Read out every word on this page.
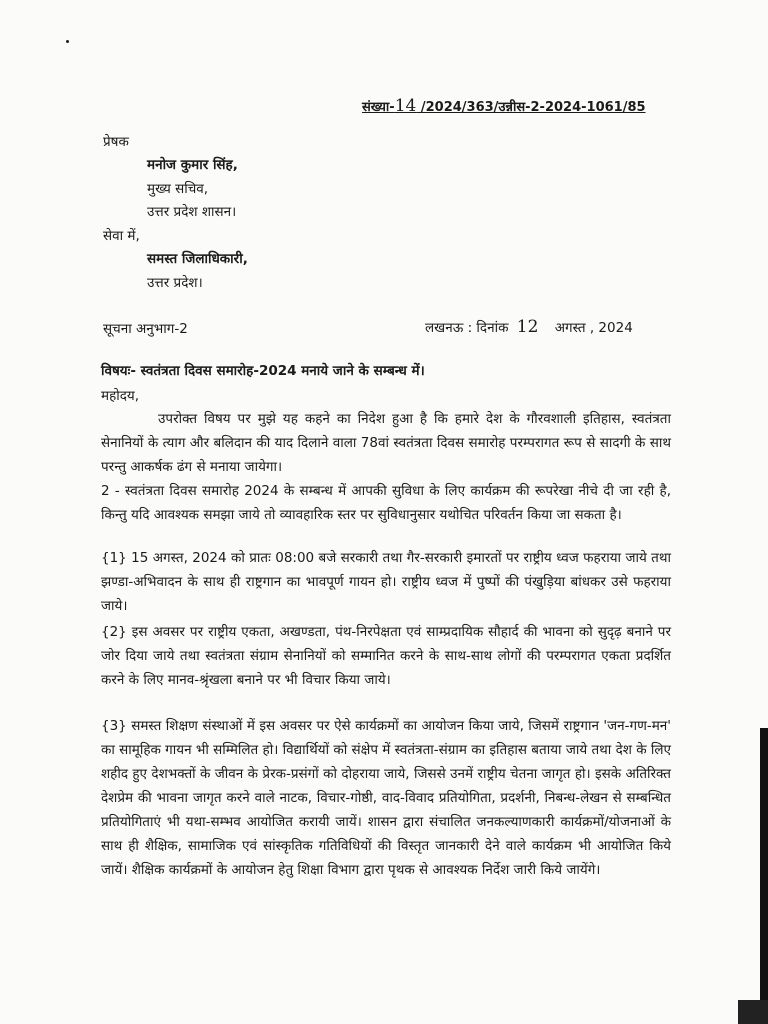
संख्या-14 /2024/363/उन्नीस-2-2024-1061/85
प्रेषक
मनोज कुमार सिंह,
मुख्य सचिव,
उत्तर प्रदेश शासन।
सेवा में,
समस्त जिलाधिकारी,
उत्तर प्रदेश।
सूचना अनुभाग-2	लखनऊ : दिनांक 12 अगस्त , 2024
विषयः- स्वतंत्रता दिवस समारोह-2024 मनाये जाने के सम्बन्ध में।
महोदय,
उपरोक्त विषय पर मुझे यह कहने का निदेश हुआ है कि हमारे देश के गौरवशाली इतिहास, स्वतंत्रता सेनानियों के त्याग और बलिदान की याद दिलाने वाला 78वां स्वतंत्रता दिवस समारोह परम्परागत रूप से सादगी के साथ परन्तु आकर्षक ढंग से मनाया जायेगा।
2 - स्वतंत्रता दिवस समारोह 2024 के सम्बन्ध में आपकी सुविधा के लिए कार्यक्रम की रूपरेखा नीचे दी जा रही है, किन्तु यदि आवश्यक समझा जाये तो व्यावहारिक स्तर पर सुविधानुसार यथोचित परिवर्तन किया जा सकता है।
{1} 15 अगस्त, 2024 को प्रातः 08:00 बजे सरकारी तथा गैर-सरकारी इमारतों पर राष्ट्रीय ध्वज फहराया जाये तथा झण्डा-अभिवादन के साथ ही राष्ट्रगान का भावपूर्ण गायन हो। राष्ट्रीय ध्वज में पुष्पों की पंखुड़िया बांधकर उसे फहराया जाये।
{2} इस अवसर पर राष्ट्रीय एकता, अखण्डता, पंथ-निरपेक्षता एवं साम्प्रदायिक सौहार्द की भावना को सुदृढ़ बनाने पर जोर दिया जाये तथा स्वतंत्रता संग्राम सेनानियों को सम्मानित करने के साथ-साथ लोगों की परम्परागत एकता प्रदर्शित करने के लिए मानव-श्रृंखला बनाने पर भी विचार किया जाये।
{3} समस्त शिक्षण संस्थाओं में इस अवसर पर ऐसे कार्यक्रमों का आयोजन किया जाये, जिसमें राष्ट्रगान 'जन-गण-मन' का सामूहिक गायन भी सम्मिलित हो। विद्यार्थियों को संक्षेप में स्वतंत्रता-संग्राम का इतिहास बताया जाये तथा देश के लिए शहीद हुए देशभक्तों के जीवन के प्रेरक-प्रसंगों को दोहराया जाये, जिससे उनमें राष्ट्रीय चेतना जागृत हो। इसके अतिरिक्त देशप्रेम की भावना जागृत करने वाले नाटक, विचार-गोष्ठी, वाद-विवाद प्रतियोगिता, प्रदर्शनी, निबन्ध-लेखन से सम्बन्धित प्रतियोगिताएं भी यथा-सम्भव आयोजित करायी जायें। शासन द्वारा संचालित जनकल्याणकारी कार्यक्रमों/योजनाओं के साथ ही शैक्षिक, सामाजिक एवं सांस्कृतिक गतिविधियों की विस्तृत जानकारी देने वाले कार्यक्रम भी आयोजित किये जायें। शैक्षिक कार्यक्रमों के आयोजन हेतु शिक्षा विभाग द्वारा पृथक से आवश्यक निर्देश जारी किये जायेंगे।
